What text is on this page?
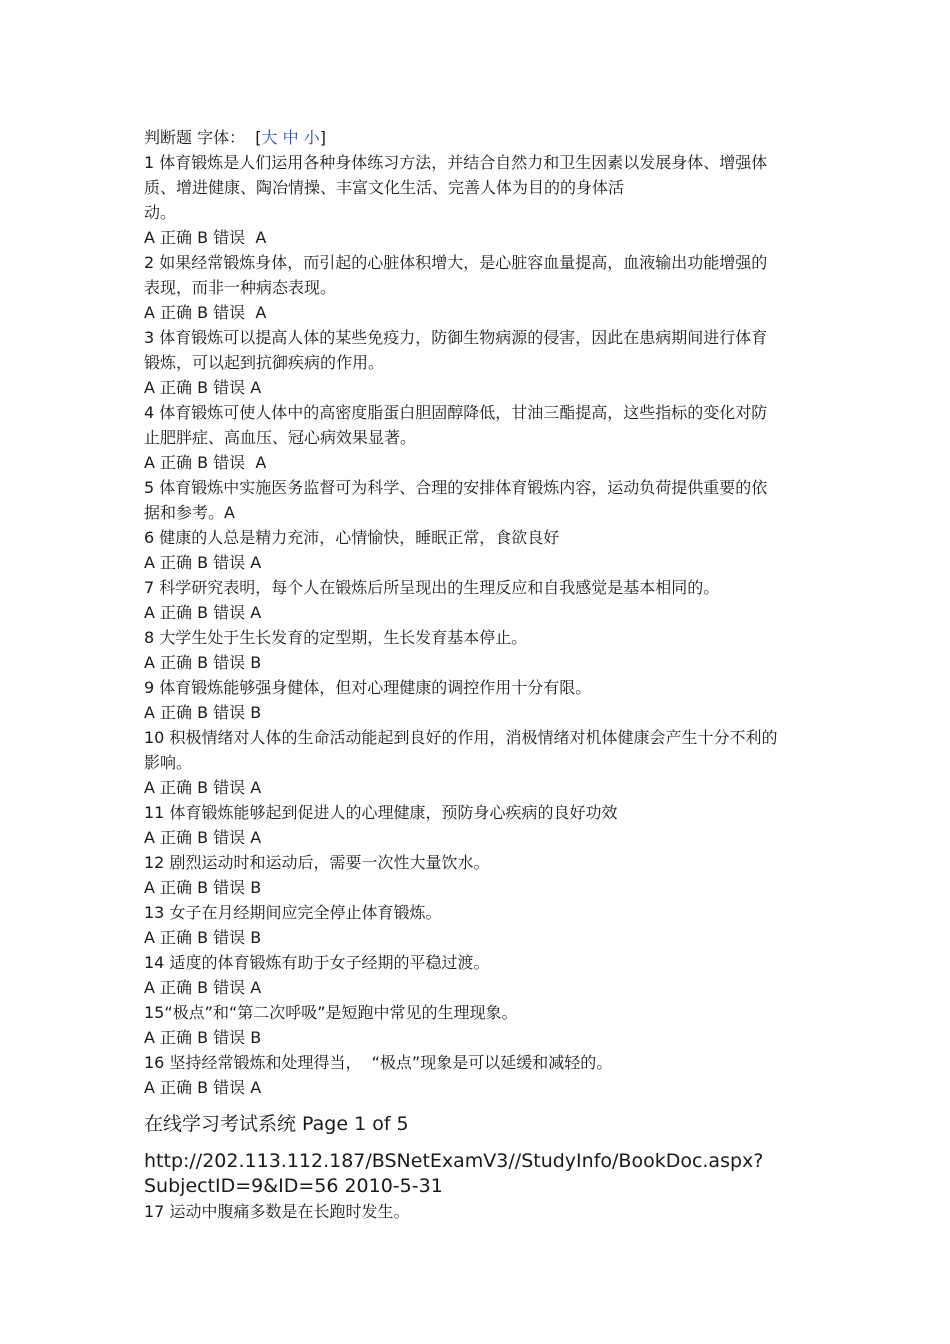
判断题 字体： [大 中 小]

1 体育锻炼是人们运用各种身体练习方法，并结合自然力和卫生因素以发展身体、增强体

质、增进健康、陶冶情操、丰富文化生活、完善人体为目的的身体活

动。

A 正确 B 错误  A

2 如果经常锻炼身体，而引起的心脏体积增大，是心脏容血量提高，血液输出功能增强的

表现，而非一种病态表现。

A 正确 B 错误  A

3 体育锻炼可以提高人体的某些免疫力，防御生物病源的侵害，因此在患病期间进行体育

锻炼，可以起到抗御疾病的作用。

A 正确 B 错误 A

4 体育锻炼可使人体中的高密度脂蛋白胆固醇降低，甘油三酯提高，这些指标的变化对防

止肥胖症、高血压、冠心病效果显著。

A 正确 B 错误  A

5 体育锻炼中实施医务监督可为科学、合理的安排体育锻炼内容，运动负荷提供重要的依

据和参考。A

6 健康的人总是精力充沛，心情愉快，睡眠正常，食欲良好

A 正确 B 错误 A

7 科学研究表明，每个人在锻炼后所呈现出的生理反应和自我感觉是基本相同的。

A 正确 B 错误 A

8 大学生处于生长发育的定型期，生长发育基本停止。

A 正确 B 错误 B

9 体育锻炼能够强身健体，但对心理健康的调控作用十分有限。

A 正确 B 错误 B

10 积极情绪对人体的生命活动能起到良好的作用，消极情绪对机体健康会产生十分不利的

影响。

A 正确 B 错误 A

11 体育锻炼能够起到促进人的心理健康，预防身心疾病的良好功效

A 正确 B 错误 A

12 剧烈运动时和运动后，需要一次性大量饮水。

A 正确 B 错误 B

13 女子在月经期间应完全停止体育锻炼。

A 正确 B 错误 B

14 适度的体育锻炼有助于女子经期的平稳过渡。

A 正确 B 错误 A

15“极点”和“第二次呼吸”是短跑中常见的生理现象。

A 正确 B 错误 B

16 坚持经常锻炼和处理得当，  “极点”现象是可以延缓和减轻的。

A 正确 B 错误 A

在线学习考试系统 Page 1 of 5

http://202.113.112.187/BSNetExamV3//StudyInfo/BookDoc.aspx?

SubjectID=9&ID=56 2010-5-31

17 运动中腹痛多数是在长跑时发生。
